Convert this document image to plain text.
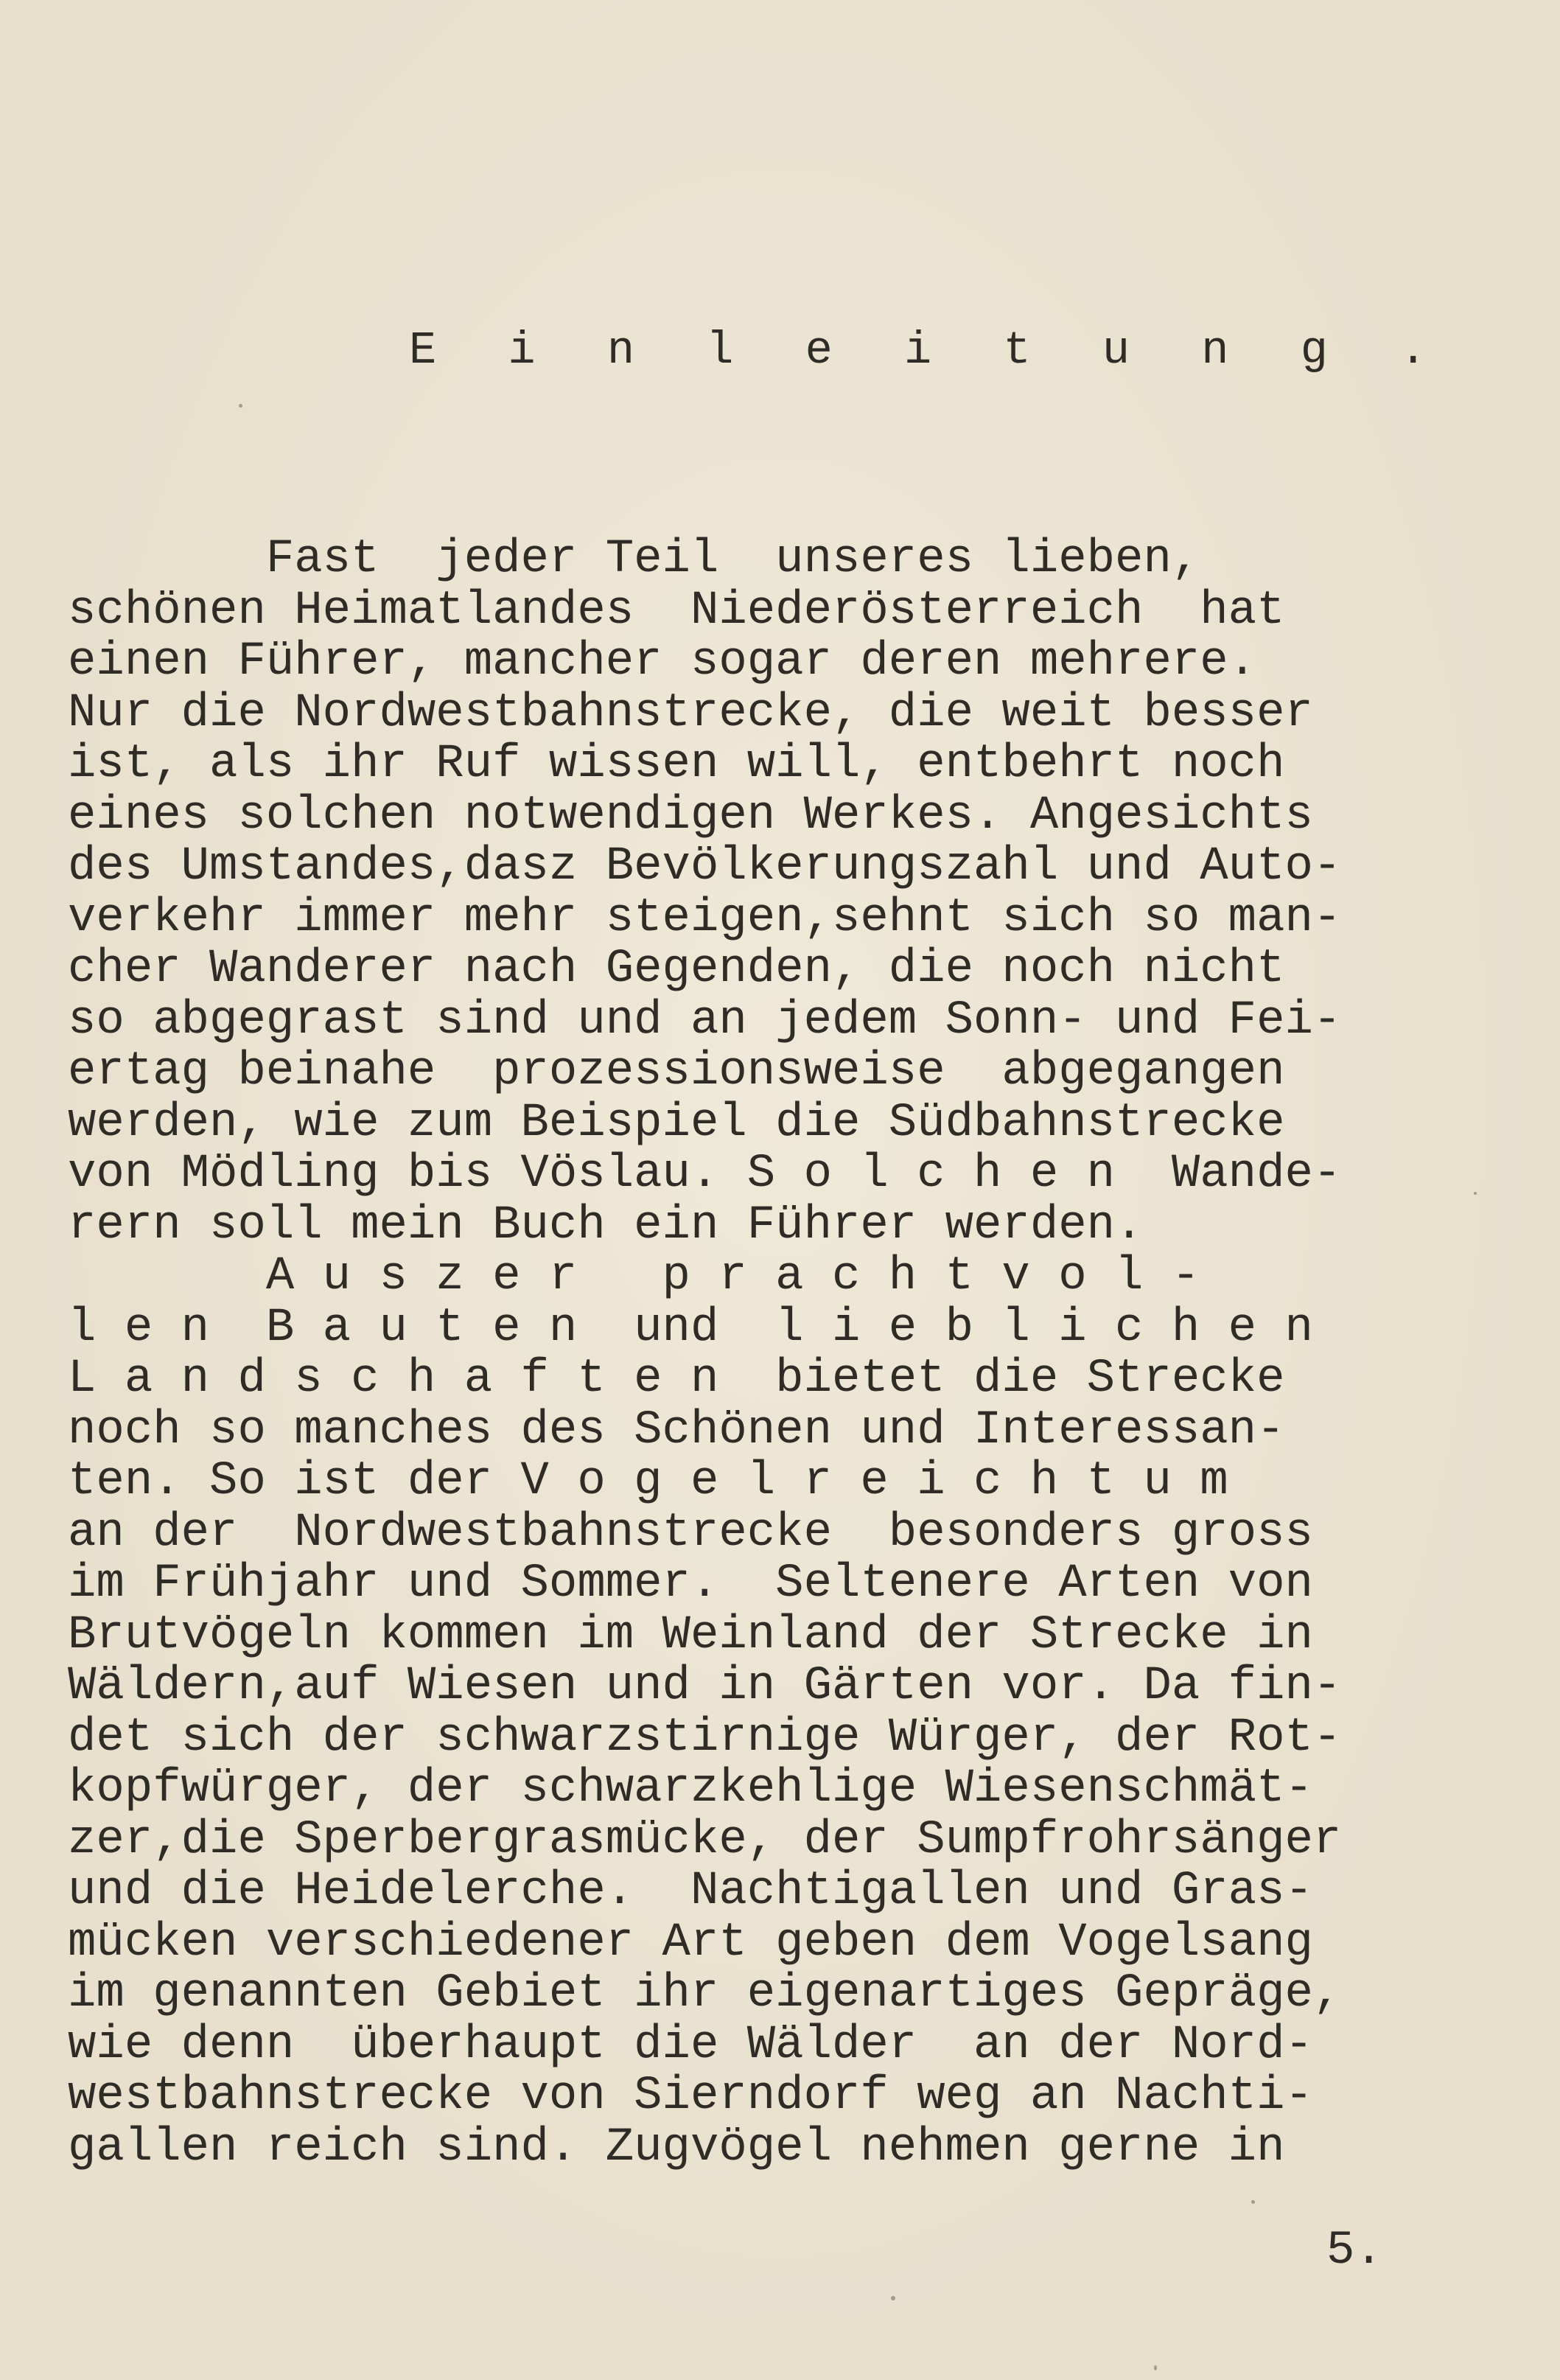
E i n l e i t u n g .
Fast  jeder Teil  unseres lieben,
schönen Heimatlandes  Niederösterreich  hat
einen Führer, mancher sogar deren mehrere.
Nur die Nordwestbahnstrecke, die weit besser
ist, als ihr Ruf wissen will, entbehrt noch
eines solchen notwendigen Werkes. Angesichts
des Umstandes,dasz Bevölkerungszahl und Auto-
verkehr immer mehr steigen,sehnt sich so man-
cher Wanderer nach Gegenden, die noch nicht
so abgegrast sind und an jedem Sonn- und Fei-
ertag beinahe  prozessionsweise  abgegangen
werden, wie zum Beispiel die Südbahnstrecke
von Mödling bis Vöslau. S o l c h e n  Wande-
rern soll mein Buch ein Führer werden.
A u s z e r   p r a c h t v o l -
l e n  B a u t e n  und  l i e b l i c h e n
L a n d s c h a f t e n  bietet die Strecke
noch so manches des Schönen und Interessan-
ten. So ist der V o g e l r e i c h t u m
an der  Nordwestbahnstrecke  besonders gross
im Frühjahr und Sommer.  Seltenere Arten von
Brutvögeln kommen im Weinland der Strecke in
Wäldern,auf Wiesen und in Gärten vor. Da fin-
det sich der schwarzstirnige Würger, der Rot-
kopfwürger, der schwarzkehlige Wiesenschmät-
zer,die Sperbergrasmücke, der Sumpfrohrsänger
und die Heidelerche.  Nachtigallen und Gras-
mücken verschiedener Art geben dem Vogelsang
im genannten Gebiet ihr eigenartiges Gepräge,
wie denn  überhaupt die Wälder  an der Nord-
westbahnstrecke von Sierndorf weg an Nachti-
gallen reich sind. Zugvögel nehmen gerne in
5.
